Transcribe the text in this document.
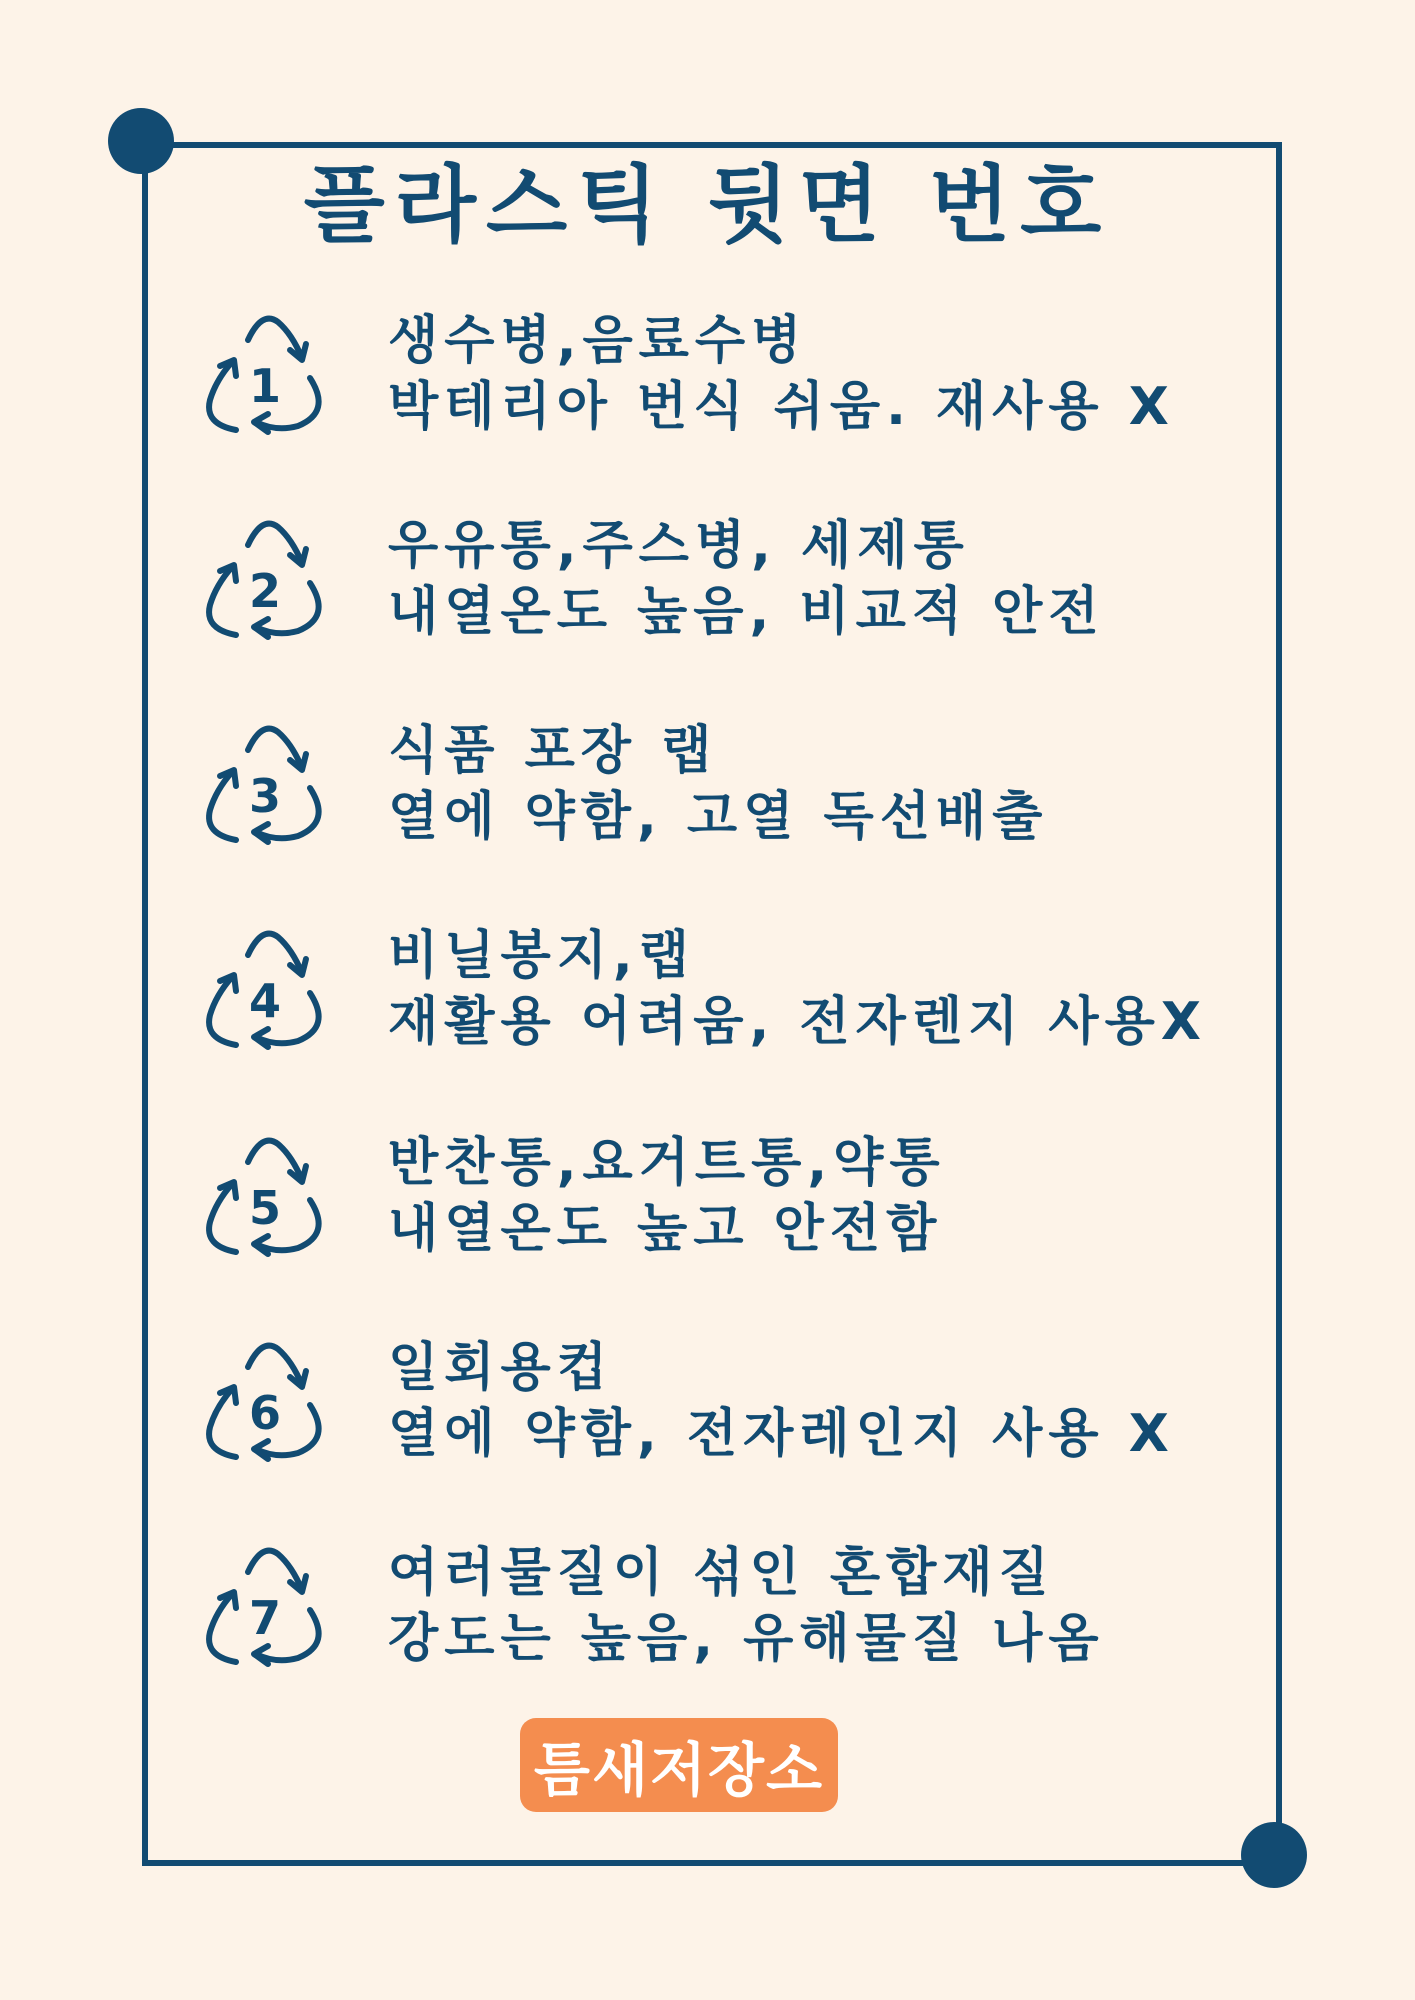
플라스틱 뒷면 번호
1
생수병,음료수병
박테리아 번식 쉬움. 재사용 X
2
우유통,주스병, 세제통
내열온도 높음, 비교적 안전
3
식품 포장 랩
열에 약함, 고열 독선배출
4
비닐봉지,랩
재활용 어려움, 전자렌지 사용X
5
반찬통,요거트통,약통
내열온도 높고 안전함
6
일회용컵
열에 약함, 전자레인지 사용 X
7
여러물질이 섞인 혼합재질
강도는 높음, 유해물질 나옴
틈새저장소
